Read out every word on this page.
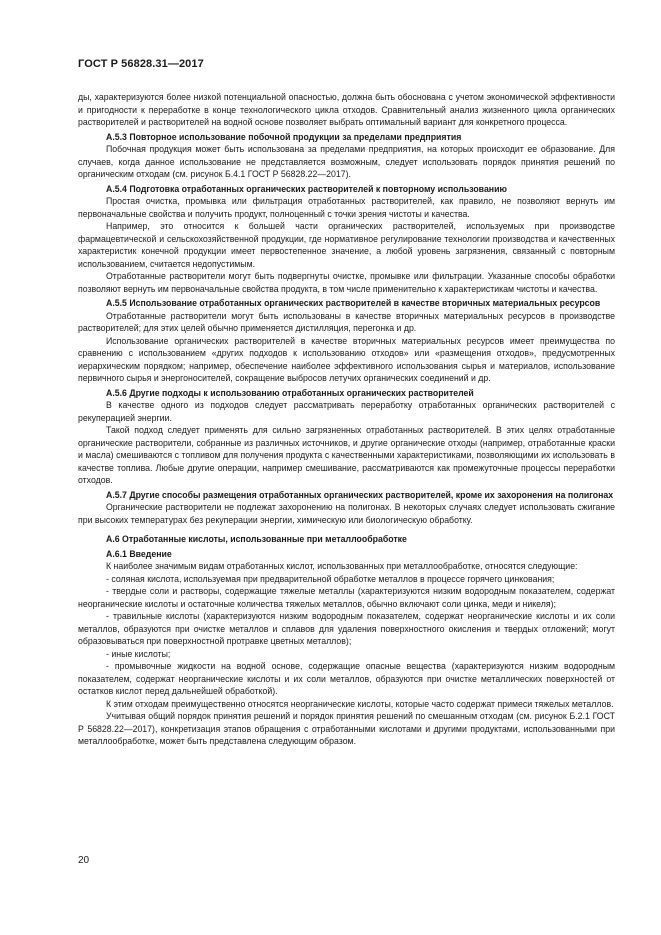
ГОСТ Р 56828.31—2017

ды, характеризуются более низкой потенциальной опасностью, должна быть обоснована с учетом экономической эффективности и пригодности к переработке в конце технологического цикла отходов. Сравнительный анализ жизненного цикла органических растворителей и растворителей на водной основе позволяет выбрать оптимальный вариант для конкретного процесса.

А.5.3 Повторное использование побочной продукции за пределами предприятия

Побочная продукция может быть использована за пределами предприятия, на которых происходит ее образование. Для случаев, когда данное использование не представляется возможным, следует использовать порядок принятия решений по органическим отходам (см. рисунок Б.4.1 ГОСТ Р 56828.22—2017).

А.5.4 Подготовка отработанных органических растворителей к повторному использованию

Простая очистка, промывка или фильтрация отработанных растворителей, как правило, не позволяют вернуть им первоначальные свойства и получить продукт, полноценный с точки зрения чистоты и качества.

Например, это относится к большей части органических растворителей, используемых при производстве фармацевтической и сельскохозяйственной продукции, где нормативное регулирование технологии производства и качественных характеристик конечной продукции имеет первостепенное значение, а любой уровень загрязнения, связанный с повторным использованием, считается недопустимым.

Отработанные растворители могут быть подвергнуты очистке, промывке или фильтрации. Указанные способы обработки позволяют вернуть им первоначальные свойства продукта, в том числе применительно к характеристикам чистоты и качества.

А.5.5 Использование отработанных органических растворителей в качестве вторичных материальных ресурсов

Отработанные растворители могут быть использованы в качестве вторичных материальных ресурсов в производстве растворителей; для этих целей обычно применяется дистилляция, перегонка и др.

Использование органических растворителей в качестве вторичных материальных ресурсов имеет преимущества по сравнению с использованием «других подходов к использованию отходов» или «размещения отходов», предусмотренных иерархическим порядком; например, обеспечение наиболее эффективного использования сырья и материалов, использование первичного сырья и энергоносителей, сокращение выбросов летучих органических соединений и др.

А.5.6 Другие подходы к использованию отработанных органических растворителей

В качестве одного из подходов следует рассматривать переработку отработанных органических растворителей с рекуперацией энергии.

Такой подход следует применять для сильно загрязненных отработанных растворителей. В этих целях отработанные органические растворители, собранные из различных источников, и другие органические отходы (например, отработанные краски и масла) смешиваются с топливом для получения продукта с качественными характеристиками, позволяющими их использовать в качестве топлива. Любые другие операции, например смешивание, рассматриваются как промежуточные процессы переработки отходов.

А.5.7 Другие способы размещения отработанных органических растворителей, кроме их захоронения на полигонах

Органические растворители не подлежат захоронению на полигонах. В некоторых случаях следует использовать сжигание при высоких температурах без рекуперации энергии, химическую или биологическую обработку.

А.6 Отработанные кислоты, использованные при металлообработке

А.6.1 Введение

К наиболее значимым видам отработанных кислот, использованных при металлообработке, относятся следующие:

- соляная кислота, используемая при предварительной обработке металлов в процессе горячего цинкования;

- твердые соли и растворы, содержащие тяжелые металлы (характеризуются низким водородным показателем, содержат неорганические кислоты и остаточные количества тяжелых металлов, обычно включают соли цинка, меди и никеля);

- травильные кислоты (характеризуются низким водородным показателем, содержат неорганические кислоты и их соли металлов, образуются при очистке металлов и сплавов для удаления поверхностного окисления и твердых отложений; могут образовываться при поверхностной протравке цветных металлов);

- иные кислоты;

- промывочные жидкости на водной основе, содержащие опасные вещества (характеризуются низким водородным показателем, содержат неорганические кислоты и их соли металлов, образуются при очистке металлических поверхностей от остатков кислот перед дальнейшей обработкой).

К этим отходам преимущественно относятся неорганические кислоты, которые часто содержат примеси тяжелых металлов.

Учитывая общий порядок принятия решений и порядок принятия решений по смешанным отходам (см. рисунок Б.2.1 ГОСТ Р 56828.22—2017), конкретизация этапов обращения с отработанными кислотами и другими продуктами, использованными при металлообработке, может быть представлена следующим образом.

20
